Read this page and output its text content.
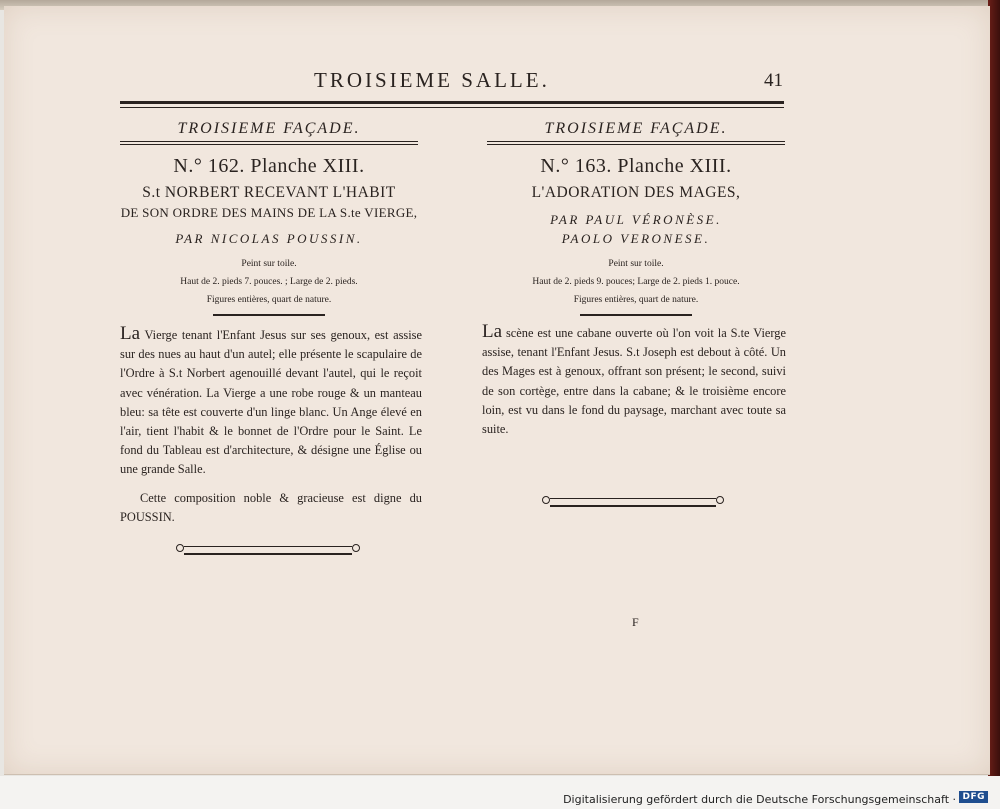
TROISIEME SALLE.	41
TROISIEME FAÇADE.
N.° 162. Planche XIII.
S.t NORBERT RECEVANT L'HABIT
DE SON ORDRE DES MAINS DE LA S.te VIERGE,
PAR NICOLAS POUSSIN.
Peint sur toile.
Haut de 2. pieds 7. pouces. ; Large de 2. pieds.
Figures entières, quart de nature.
TROISIEME FAÇADE.
N.° 163. Planche XIII.
L'ADORATION DES MAGES,
PAR PAUL VÉRONÈSE.
PAOLO VERONESE.
Peint sur toile.
Haut de 2. pieds 9. pouces; Large de 2. pieds 1. pouce.
Figures entières, quart de nature.
La Vierge tenant l'Enfant Jesus sur ses genoux, est assise sur des nues au haut d'un autel; elle présente le scapulaire de l'Ordre à S.t Norbert agenouillé devant l'autel, qui le reçoit avec vénération. La Vierge a une robe rouge & un manteau bleu: sa tête est couverte d'un linge blanc. Un Ange élevé en l'air, tient l'habit & le bonnet de l'Ordre pour le Saint. Le fond du Tableau est d'architecture, & désigne une Église ou une grande Salle.
Cette composition noble & gracieuse est digne du POUSSIN.
La scène est une cabane ouverte où l'on voit la S.te Vierge assise, tenant l'Enfant Jesus. S.t Joseph est debout à côté. Un des Mages est à genoux, offrant son présent; le second, suivi de son cortège, entre dans la cabane; & le troisième encore loin, est vu dans le fond du paysage, marchant avec toute sa suite.
F
Digitalisierung gefördert durch die Deutsche Forschungsgemeinschaft · DFG
